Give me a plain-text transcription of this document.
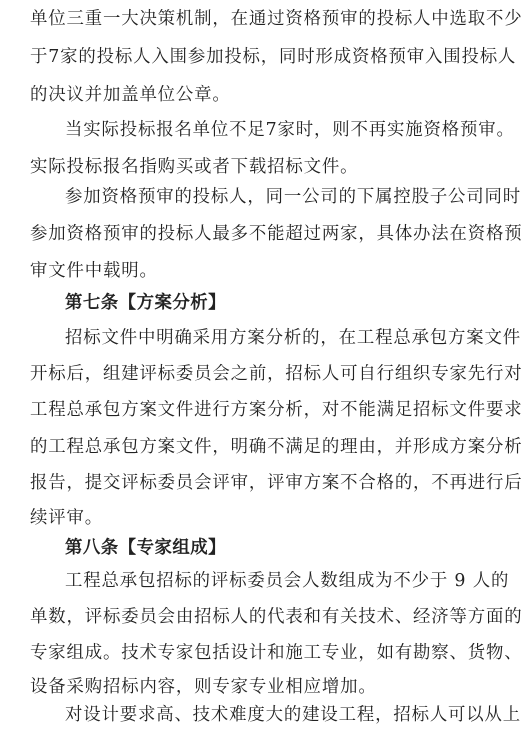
单位三重一大决策机制，在通过资格预审的投标人中选取不少
于7家的投标人入围参加投标，同时形成资格预审入围投标人
的决议并加盖单位公章。
当实际投标报名单位不足7家时，则不再实施资格预审。
实际投标报名指购买或者下载招标文件。
参加资格预审的投标人，同一公司的下属控股子公司同时
参加资格预审的投标人最多不能超过两家，具体办法在资格预
审文件中载明。
第七条【方案分析】
招标文件中明确采用方案分析的，在工程总承包方案文件
开标后，组建评标委员会之前，招标人可自行组织专家先行对
工程总承包方案文件进行方案分析，对不能满足招标文件要求
的工程总承包方案文件，明确不满足的理由，并形成方案分析
报告，提交评标委员会评审，评审方案不合格的，不再进行后
续评审。
第八条【专家组成】
工程总承包招标的评标委员会人数组成为不少于 9 人的
单数，评标委员会由招标人的代表和有关技术、经济等方面的
专家组成。技术专家包括设计和施工专业，如有勘察、货物、
设备采购招标内容，则专家专业相应增加。
对设计要求高、技术难度大的建设工程，招标人可以从上
